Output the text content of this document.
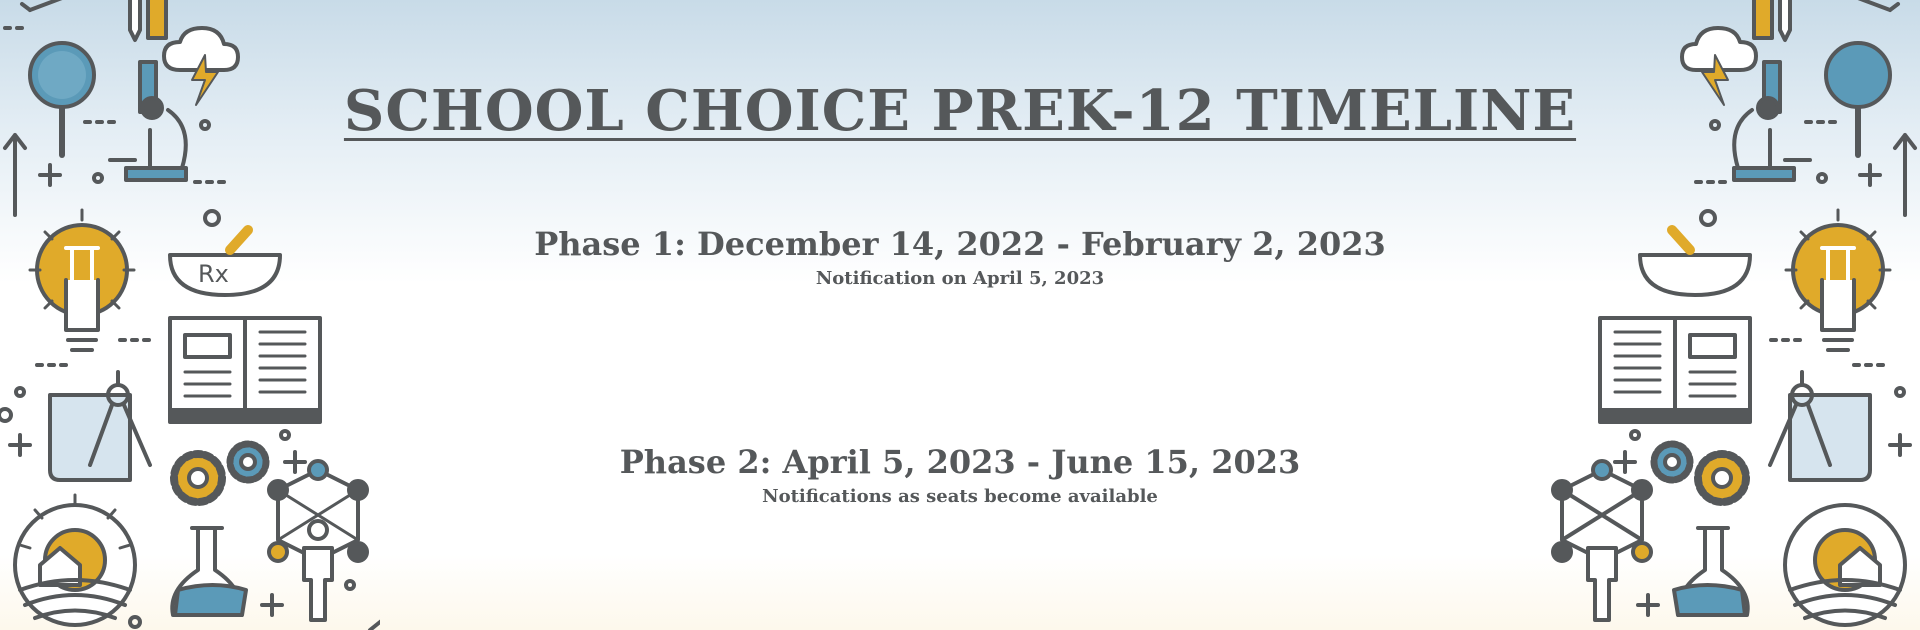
Rx
SCHOOL CHOICE PREK-12 TIMELINE
Phase 1: December 14, 2022 - February 2, 2023

Notification on April 5, 2023

Phase 2: April 5, 2023 - June 15, 2023

Notifications as seats become available
